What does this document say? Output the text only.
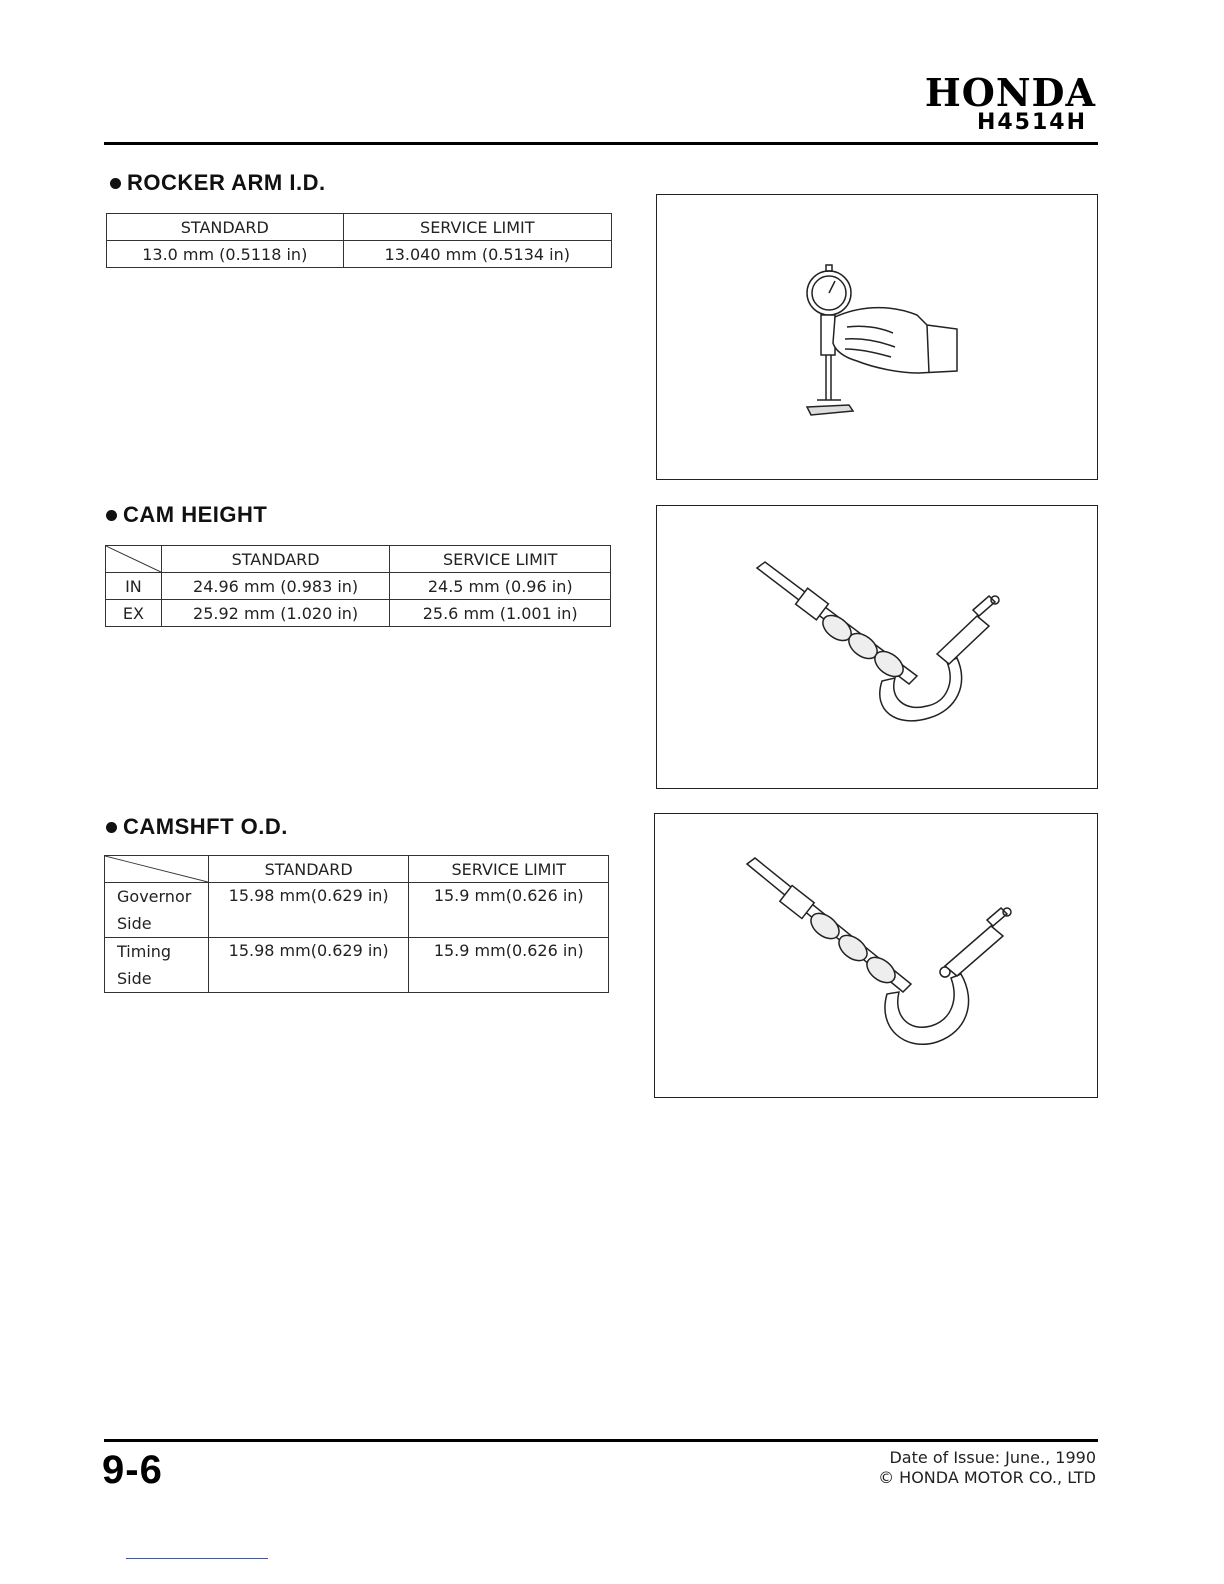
HONDA
H4514H
ROCKER ARM I.D.
STANDARD	SERVICE LIMIT
13.0 mm (0.5118 in)	13.040 mm (0.5134 in)
CAM HEIGHT
	STANDARD	SERVICE LIMIT
IN	24.96 mm (0.983 in)	24.5 mm (0.96 in)
EX	25.92 mm (1.020 in)	25.6 mm (1.001 in)
CAMSHFT O.D.
	STANDARD	SERVICE LIMIT

Governor
Side	15.98 mm(0.629 in)	15.9 mm(0.626 in)

Timing
Side	15.98 mm(0.629 in)	15.9 mm(0.626 in)
9-6	Date of Issue: June., 1990
© HONDA MOTOR CO., LTD
